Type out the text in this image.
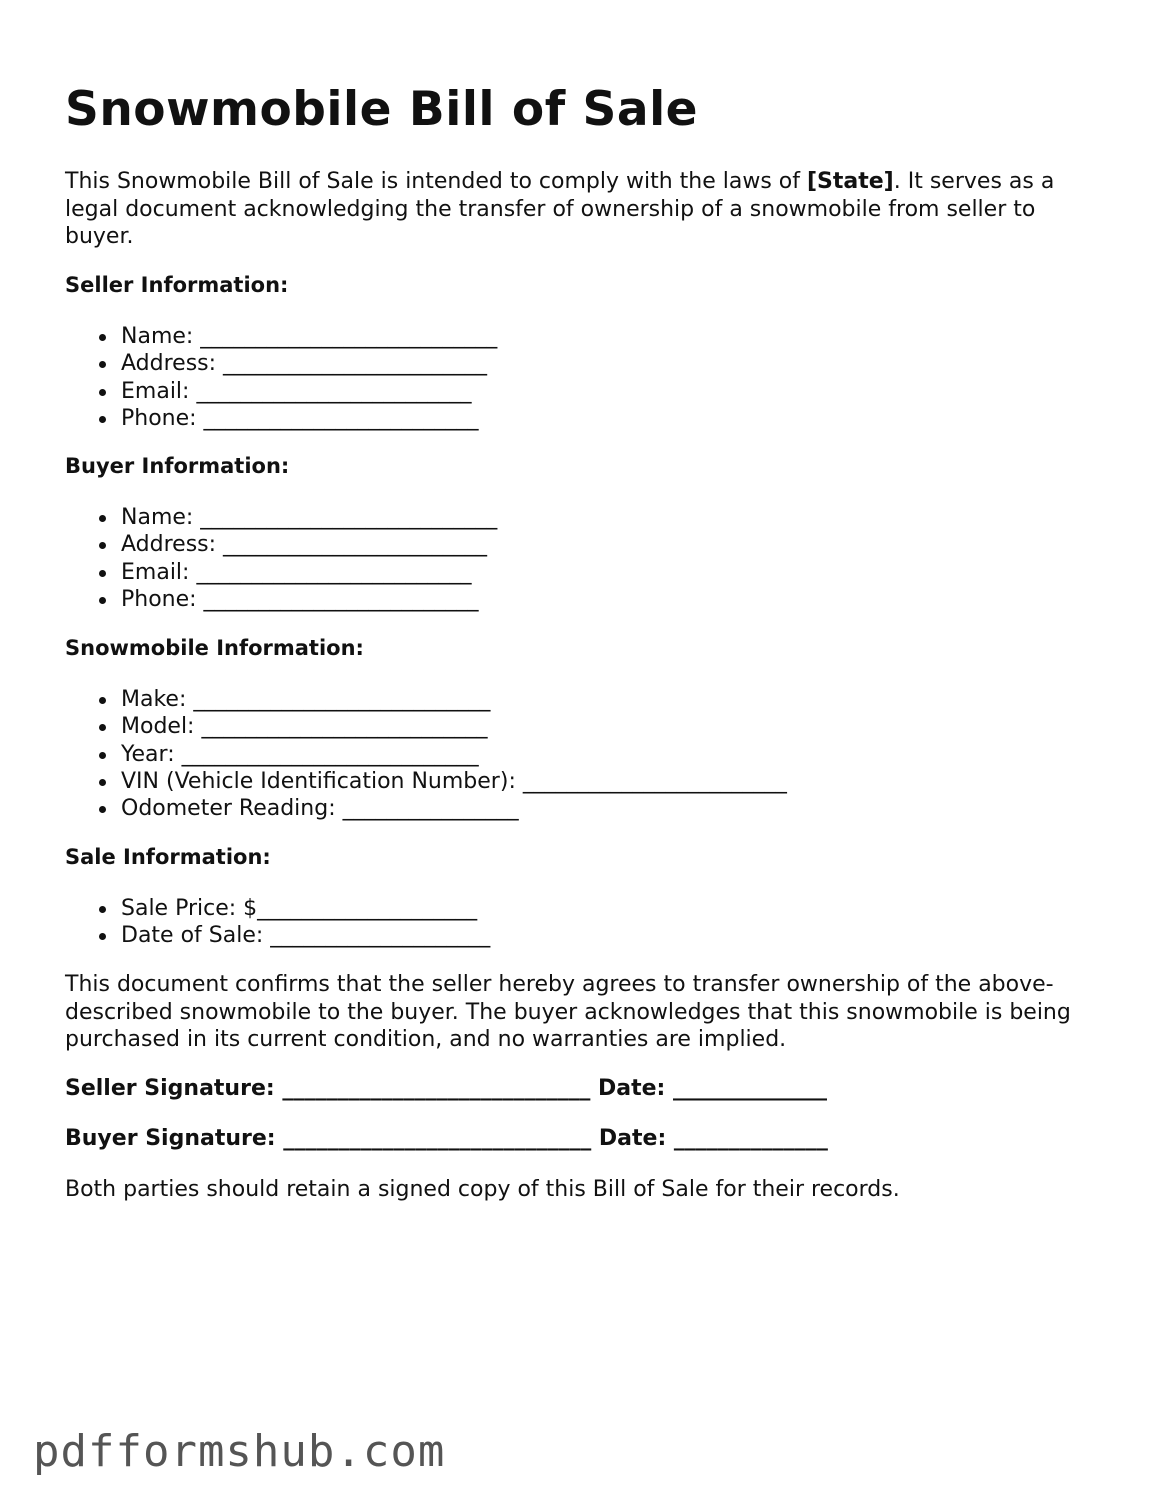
Snowmobile Bill of Sale

This Snowmobile Bill of Sale is intended to comply with the laws of [State]. It serves as a legal document acknowledging the transfer of ownership of a snowmobile from seller to buyer.

Seller Information:

Name: ___________________________
Address: ________________________
Email: _________________________
Phone: _________________________

Buyer Information:

Name: ___________________________
Address: ________________________
Email: _________________________
Phone: _________________________

Snowmobile Information:

Make: ___________________________
Model: __________________________
Year: ___________________________
VIN (Vehicle Identification Number): ________________________
Odometer Reading: ________________

Sale Information:

Sale Price: $____________________
Date of Sale: ____________________

This document confirms that the seller hereby agrees to transfer ownership of the above-described snowmobile to the buyer. The buyer acknowledges that this snowmobile is being purchased in its current condition, and no warranties are implied.

Seller Signature: ____________________________ Date: ______________

Buyer Signature: ____________________________ Date: ______________

Both parties should retain a signed copy of this Bill of Sale for their records.

pdfformshub.com
